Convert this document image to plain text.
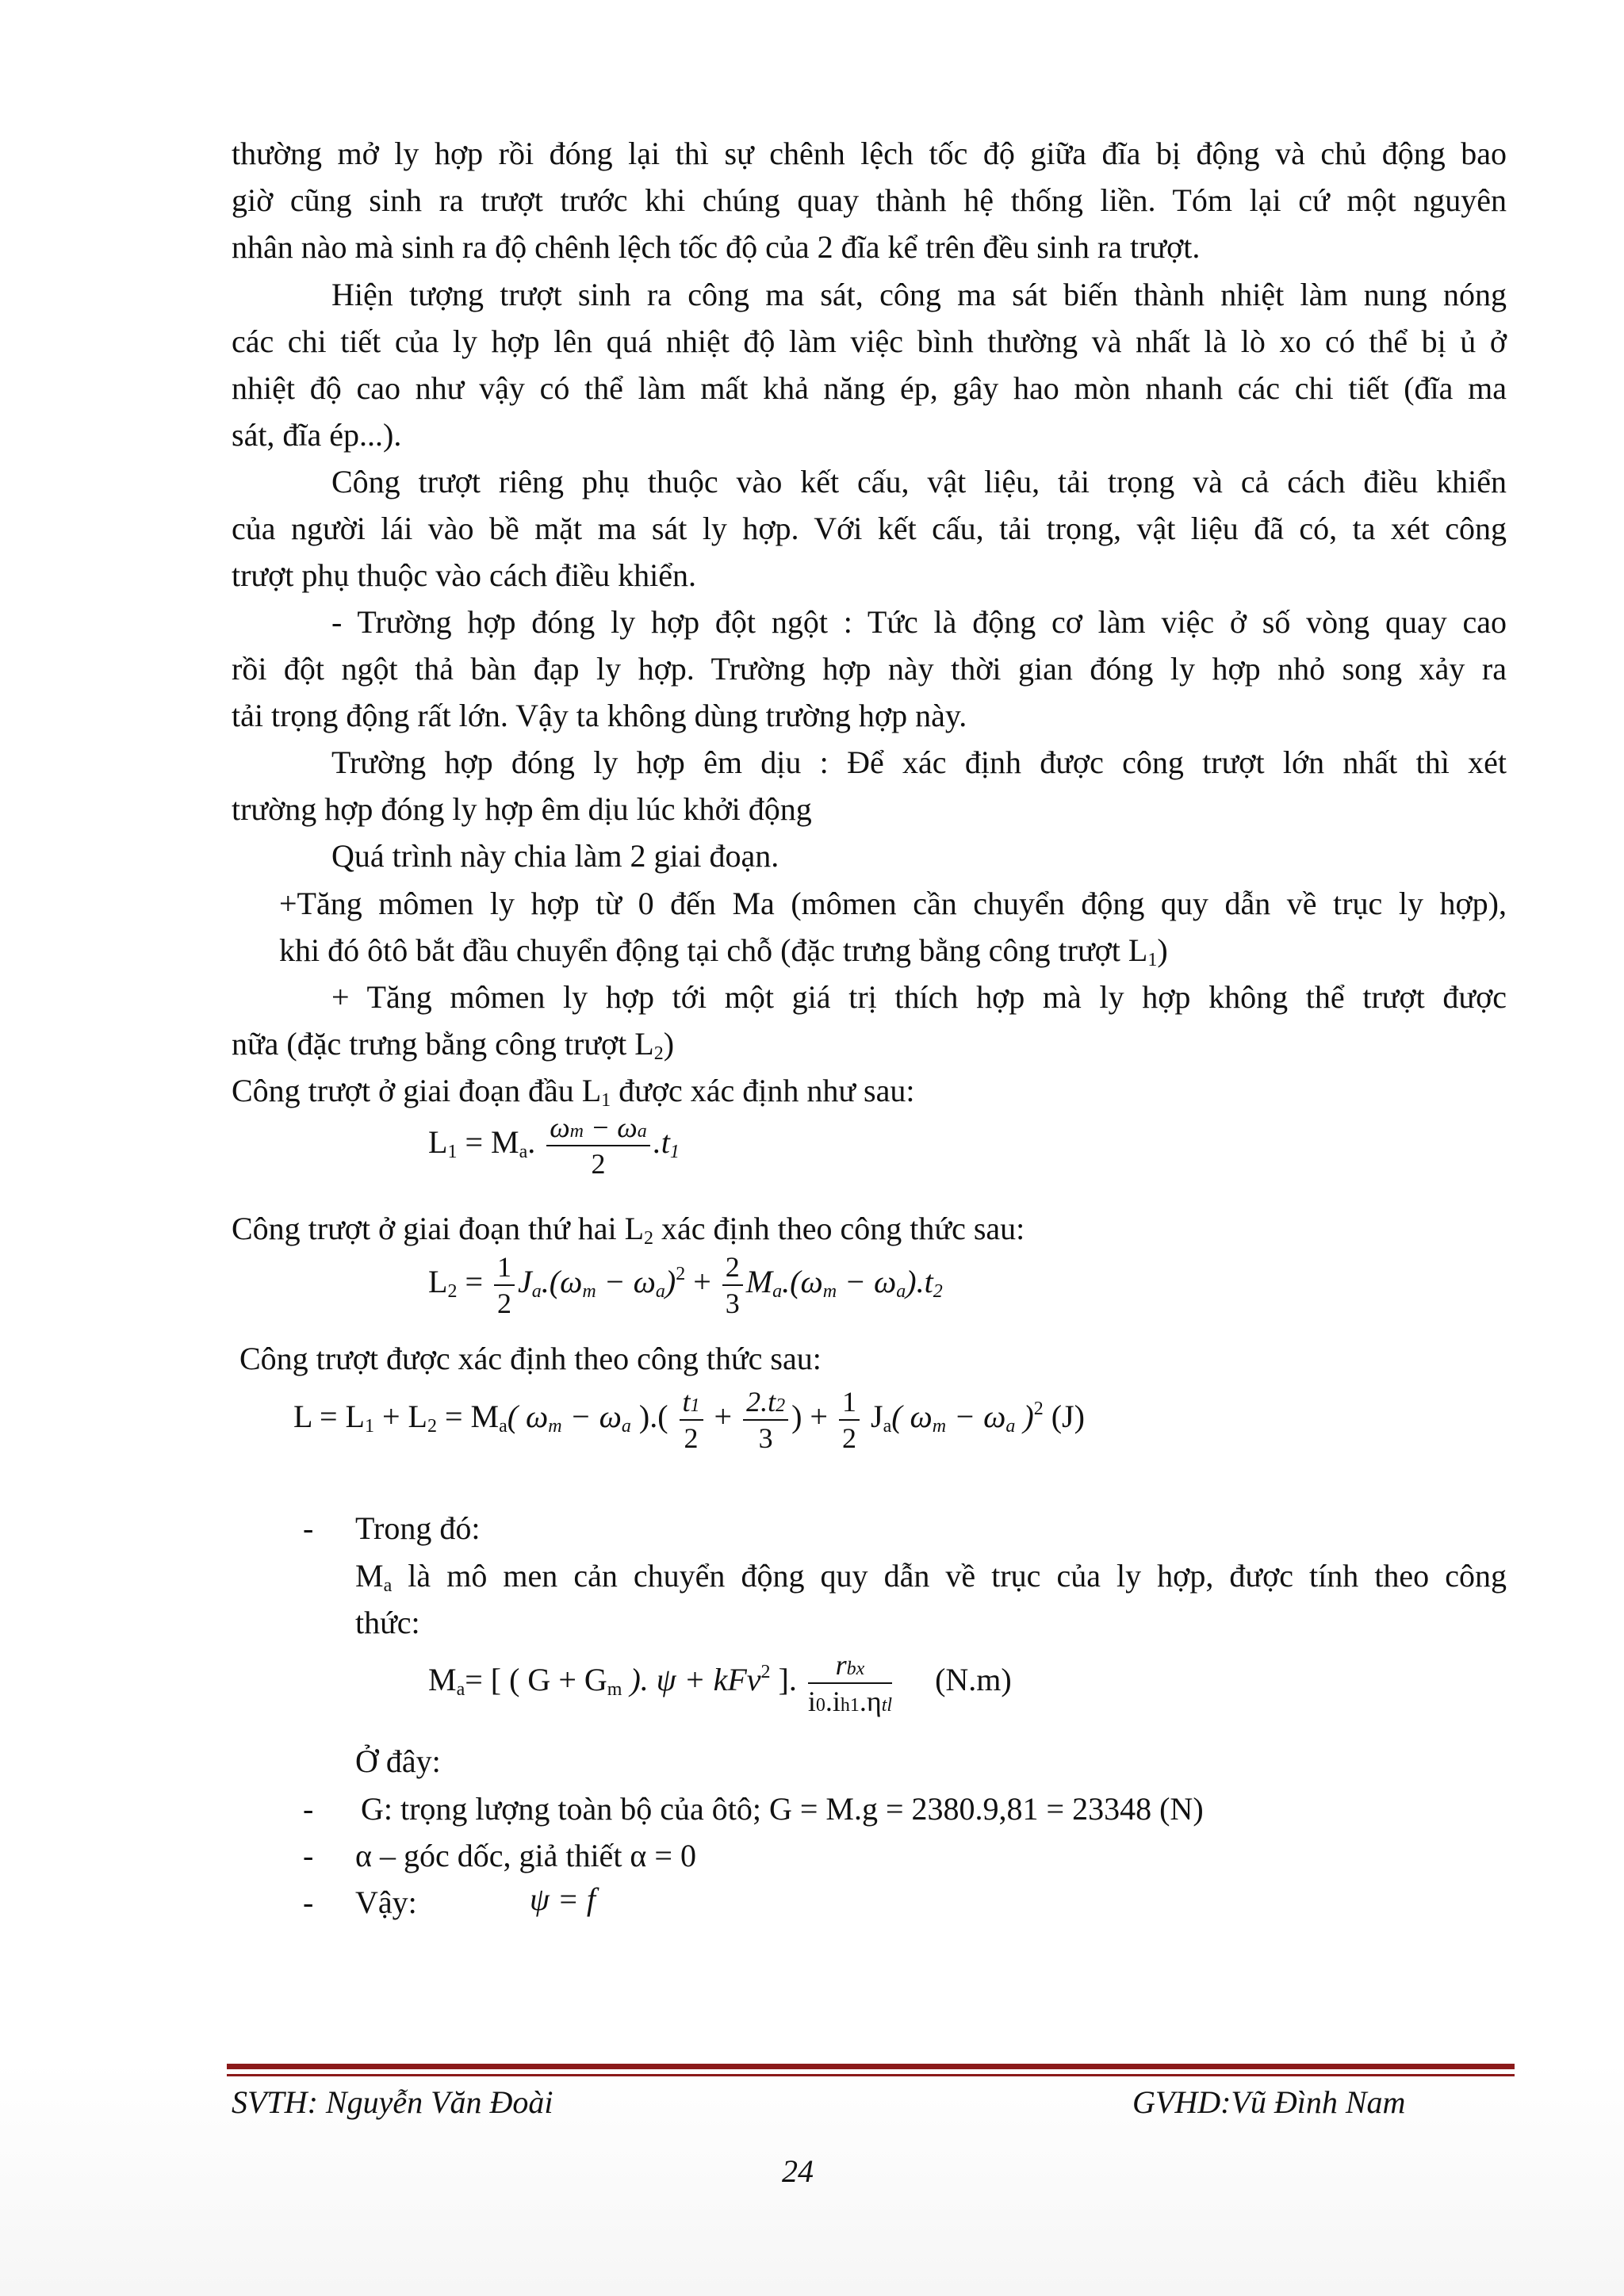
thường mở ly hợp rồi đóng lại thì sự chênh lệch tốc độ giữa đĩa bị động và chủ động bao
giờ cũng sinh ra trượt trước khi chúng quay thành hệ thống liền. Tóm lại cứ một nguyên
nhân nào mà sinh ra độ chênh lệch tốc độ của 2 đĩa kể trên đều sinh ra trượt.
Hiện tượng trượt sinh ra công ma sát, công ma sát biến thành nhiệt làm nung nóng
các chi tiết của ly hợp lên quá nhiệt độ làm việc bình thường và nhất là lò xo có thể bị ủ ở
nhiệt độ cao như vậy có thể làm mất khả năng ép, gây hao mòn nhanh các chi tiết (đĩa ma
sát, đĩa ép...).
Công trượt riêng phụ thuộc vào kết cấu, vật liệu, tải trọng và cả cách điều khiển
của người lái vào bề mặt ma sát ly hợp. Với kết cấu, tải trọng, vật liệu đã có, ta xét công
trượt phụ thuộc vào cách điều khiển.
- Trường hợp đóng ly hợp đột ngột : Tức là động cơ làm việc ở số vòng quay cao
rồi đột ngột thả bàn đạp ly hợp. Trường hợp này thời gian đóng ly hợp nhỏ song xảy ra
tải trọng động rất lớn. Vậy ta không dùng trường hợp này.
Trường hợp đóng ly hợp êm dịu : Để xác định được công trượt lớn nhất thì xét
trường hợp đóng ly hợp êm dịu lúc khởi động
Quá trình này chia làm 2 giai đoạn.
+Tăng mômen ly hợp từ 0 đến Ma (mômen cần chuyển động quy dẫn về trục ly hợp),
khi đó ôtô bắt đầu chuyển động tại chỗ (đặc trưng bằng công trượt $L_1$)
+ Tăng mômen ly hợp tới một giá trị thích hợp mà ly hợp không thể trượt được
nữa (đặc trưng bằng công trượt $L_2$)
Công trượt ở giai đoạn đầu $L_1$ được xác định như sau:
$L_1 = M_a$. $\frac{\omega m - \omega a}{2} .t_1$
Công trượt ở giai đoạn thứ hai $L_2$ xác định theo công thức sau:
$L_2 = \frac{1}{2} J_a.(\omega_m - \omega_a)^2 + \frac{2}{3} M_a.(\omega_m - \omega_a).t_2$
Công trượt được xác định theo công thức sau:
$L = L_1 + L_2 = M_a$( $\omega_m - \omega_a$ ).( $\frac{t1}{2} + \frac{2.t2}{3}$ ) + $\frac{1}{2} J_a$( $\omega_m - \omega_a$ )$^2$ (J)
- Trong đó:
$M_a$ là mô men cản chuyển động quy dẫn về trục của ly hợp, được tính theo công
thức:
$M_a=$ [ ( $G + G_m$ ). ψ + kFv$^2$ ]. $\frac{\text{rbx}}{\text{i0.ih1.ηtl}} (N.m)$
Ở đây:
- G: trọng lượng toàn bộ của ôtô; G = M.g = 2380.9,81 = 23348 (N)
- α – góc dốc, giả thiết α = 0
- Vậy:	ψ = f
SVTH: Nguyễn Văn Đoài	GVHD:Vũ Đình Nam
24
